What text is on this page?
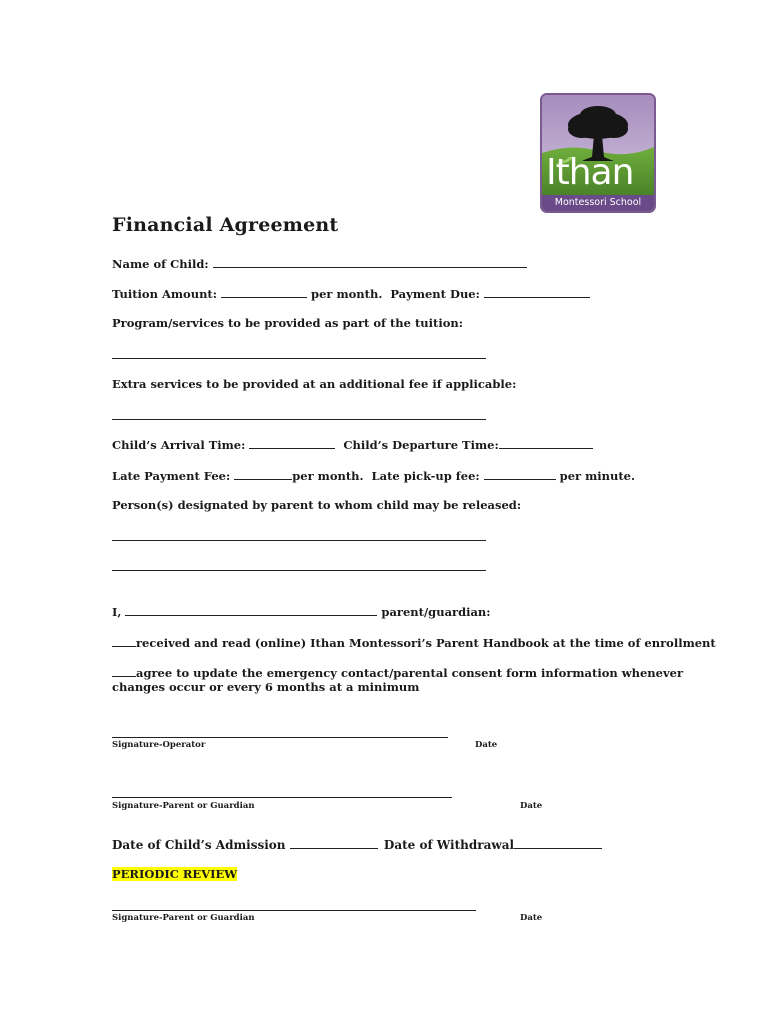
Ithan
Montessori School
Financial Agreement
Name of Child:
Tuition Amount:	per month. Payment Due:
Program/services to be provided as part of the tuition:
Extra services to be provided at an additional fee if applicable:
Child’s Arrival Time:	Child’s Departure Time:
Late Payment Fee:	per month. Late pick-up fee:	per minute.
Person(s) designated by parent to whom child may be released:
I,	parent/guardian:
received and read (online) Ithan Montessori’s Parent Handbook at the time of enrollment
agree to update the emergency contact/parental consent form information whenever
changes occur or every 6 months at a minimum
Signature-Operator	Date
Signature-Parent or Guardian	Date
Date of Child’s Admission	Date of Withdrawal
PERIODIC REVIEW
Signature-Parent or Guardian	Date
